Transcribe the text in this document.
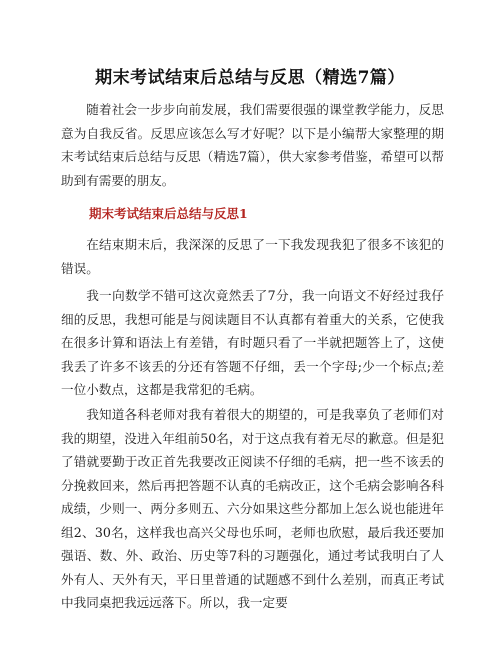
期末考试结束后总结与反思（精选7篇）

随着社会一步步向前发展，我们需要很强的课堂教学能力，反思意为自我反省。反思应该怎么写才好呢？以下是小编帮大家整理的期末考试结束后总结与反思（精选7篇），供大家参考借鉴，希望可以帮助到有需要的朋友。

期末考试结束后总结与反思1

在结束期末后，我深深的反思了一下我发现我犯了很多不该犯的错误。

我一向数学不错可这次竟然丢了7分，我一向语文不好经过我仔细的反思，我想可能是与阅读题目不认真都有着重大的关系，它使我在很多计算和语法上有差错，有时题只看了一半就把题答上了，这使我丢了许多不该丢的分还有答题不仔细，丢一个字母;少一个标点;差一位小数点，这都是我常犯的毛病。

我知道各科老师对我有着很大的期望的，可是我辜负了老师们对我的期望，没进入年组前50名，对于这点我有着无尽的歉意。但是犯了错就要勤于改正首先我要改正阅读不仔细的毛病，把一些不该丢的分挽救回来，然后再把答题不认真的毛病改正，这个毛病会影响各科成绩，少则一、两分多则五、六分如果这些分都加上怎么说也能进年组2、30名，这样我也高兴父母也乐呵，老师也欣慰，最后我还要加强语、数、外、政治、历史等7科的习题强化，通过考试我明白了人外有人、天外有天，平日里普通的试题感不到什么差别，而真正考试中我同桌把我远远落下。所以，我一定要
